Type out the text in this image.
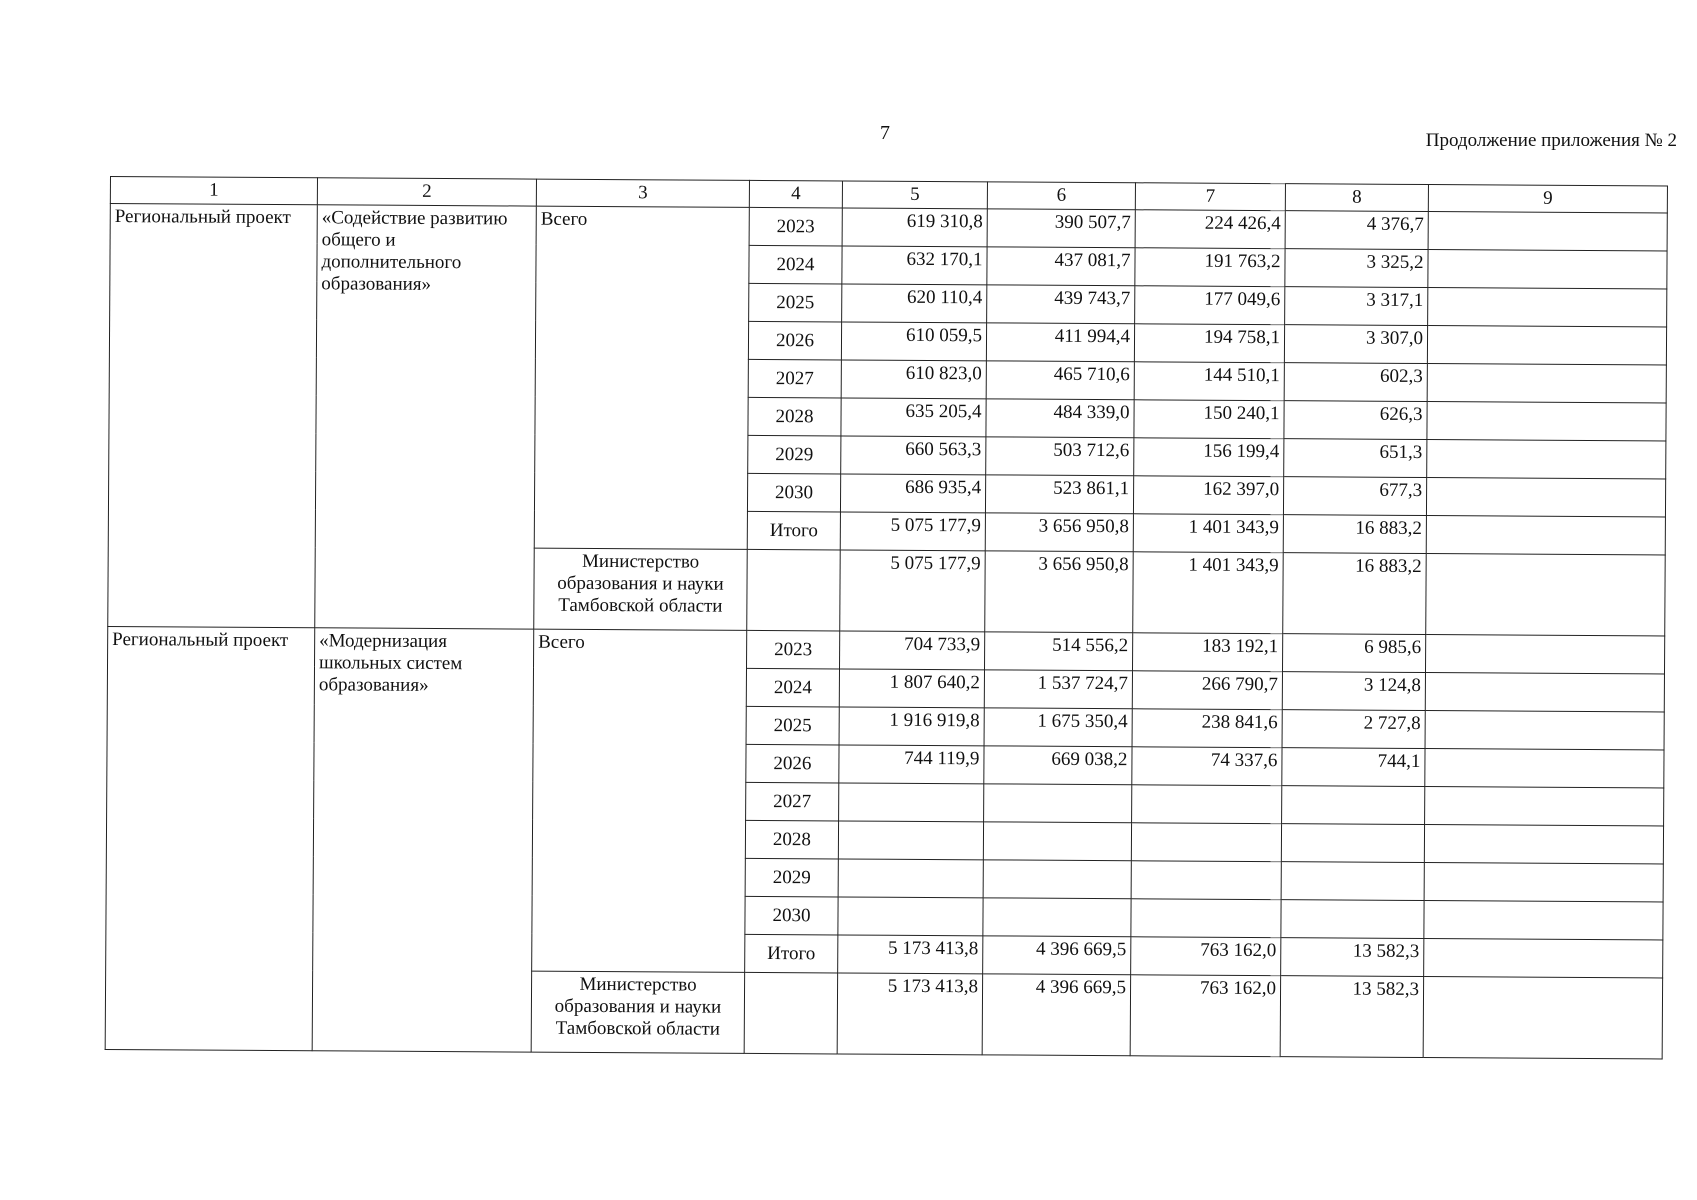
7	Продолжение приложения № 2
1	2	3	4	5	6	7	8	9
Региональный проект	«Содействие развитию общего и дополнительного образования»	Всего	2023	619 310,8	390 507,7	224 426,4	4 376,7	
			2024	632 170,1	437 081,7	191 763,2	3 325,2	
			2025	620 110,4	439 743,7	177 049,6	3 317,1	
			2026	610 059,5	411 994,4	194 758,1	3 307,0	
			2027	610 823,0	465 710,6	144 510,1	602,3	
			2028	635 205,4	484 339,0	150 240,1	626,3	
			2029	660 563,3	503 712,6	156 199,4	651,3	
			2030	686 935,4	523 861,1	162 397,0	677,3	
			Итого	5 075 177,9	3 656 950,8	1 401 343,9	16 883,2	
		Министерство образования и науки Тамбовской области		5 075 177,9	3 656 950,8	1 401 343,9	16 883,2	
Региональный проект	«Модернизация школьных систем образования»	Всего	2023	704 733,9	514 556,2	183 192,1	6 985,6	
			2024	1 807 640,2	1 537 724,7	266 790,7	3 124,8	
			2025	1 916 919,8	1 675 350,4	238 841,6	2 727,8	
			2026	744 119,9	669 038,2	74 337,6	744,1	
			2027					
			2028					
			2029					
			2030					
			Итого	5 173 413,8	4 396 669,5	763 162,0	13 582,3	
		Министерство образования и науки Тамбовской области		5 173 413,8	4 396 669,5	763 162,0	13 582,3	
